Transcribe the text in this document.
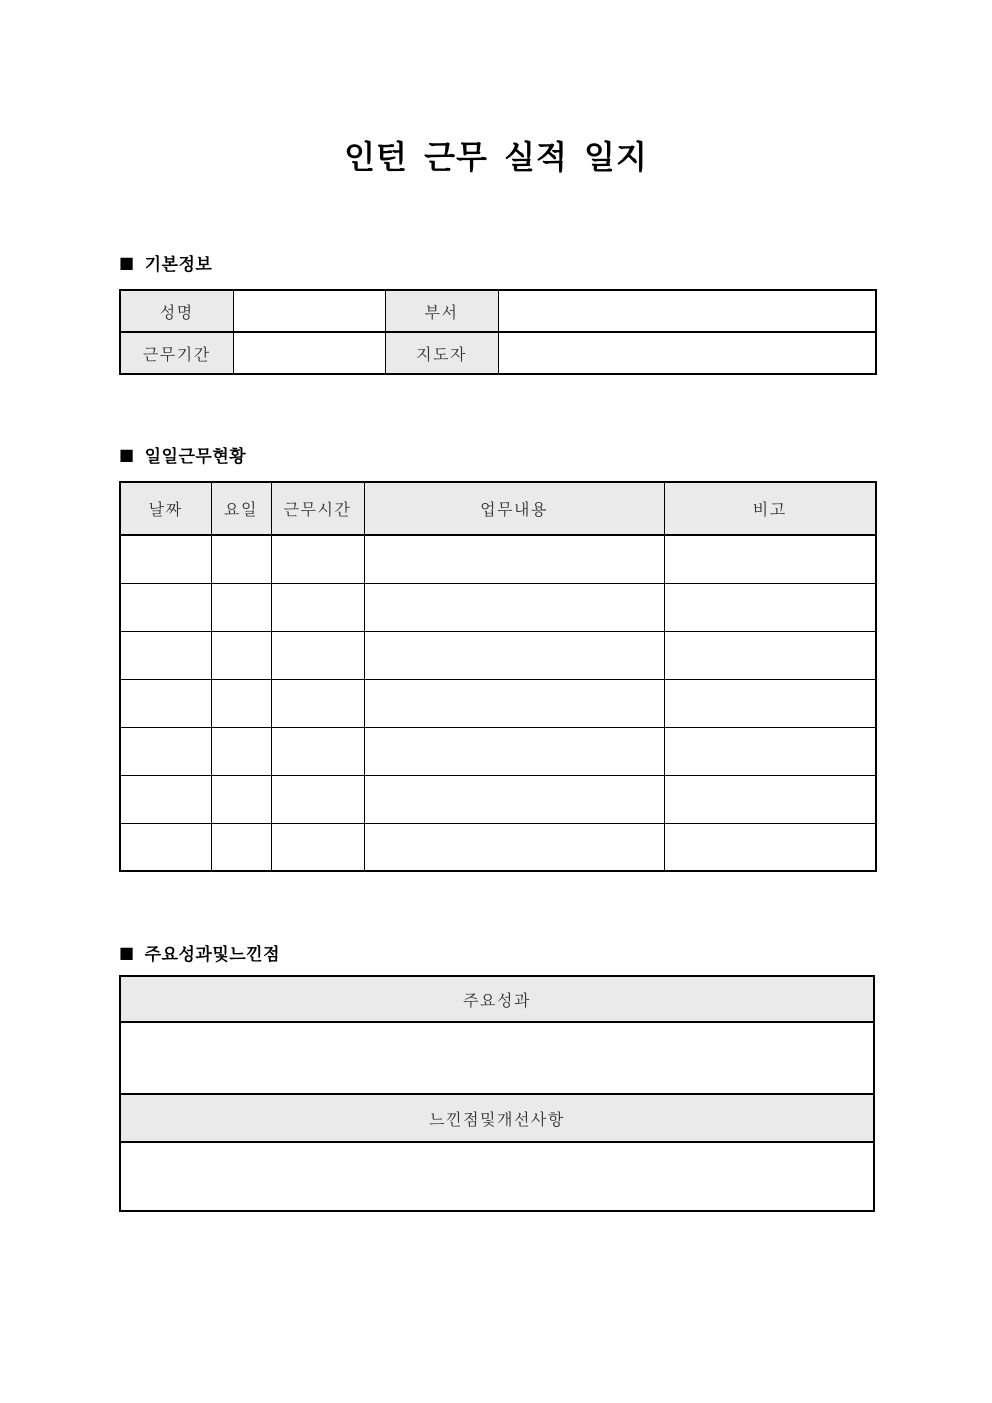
인턴 근무 실적 일지
■ 기본정보
성명		부서	
근무기간		지도자	
■ 일일근무현황
날짜	요일	근무시간	업무내용	비고

■ 주요성과및느낀점
주요성과

느낀점및개선사항
